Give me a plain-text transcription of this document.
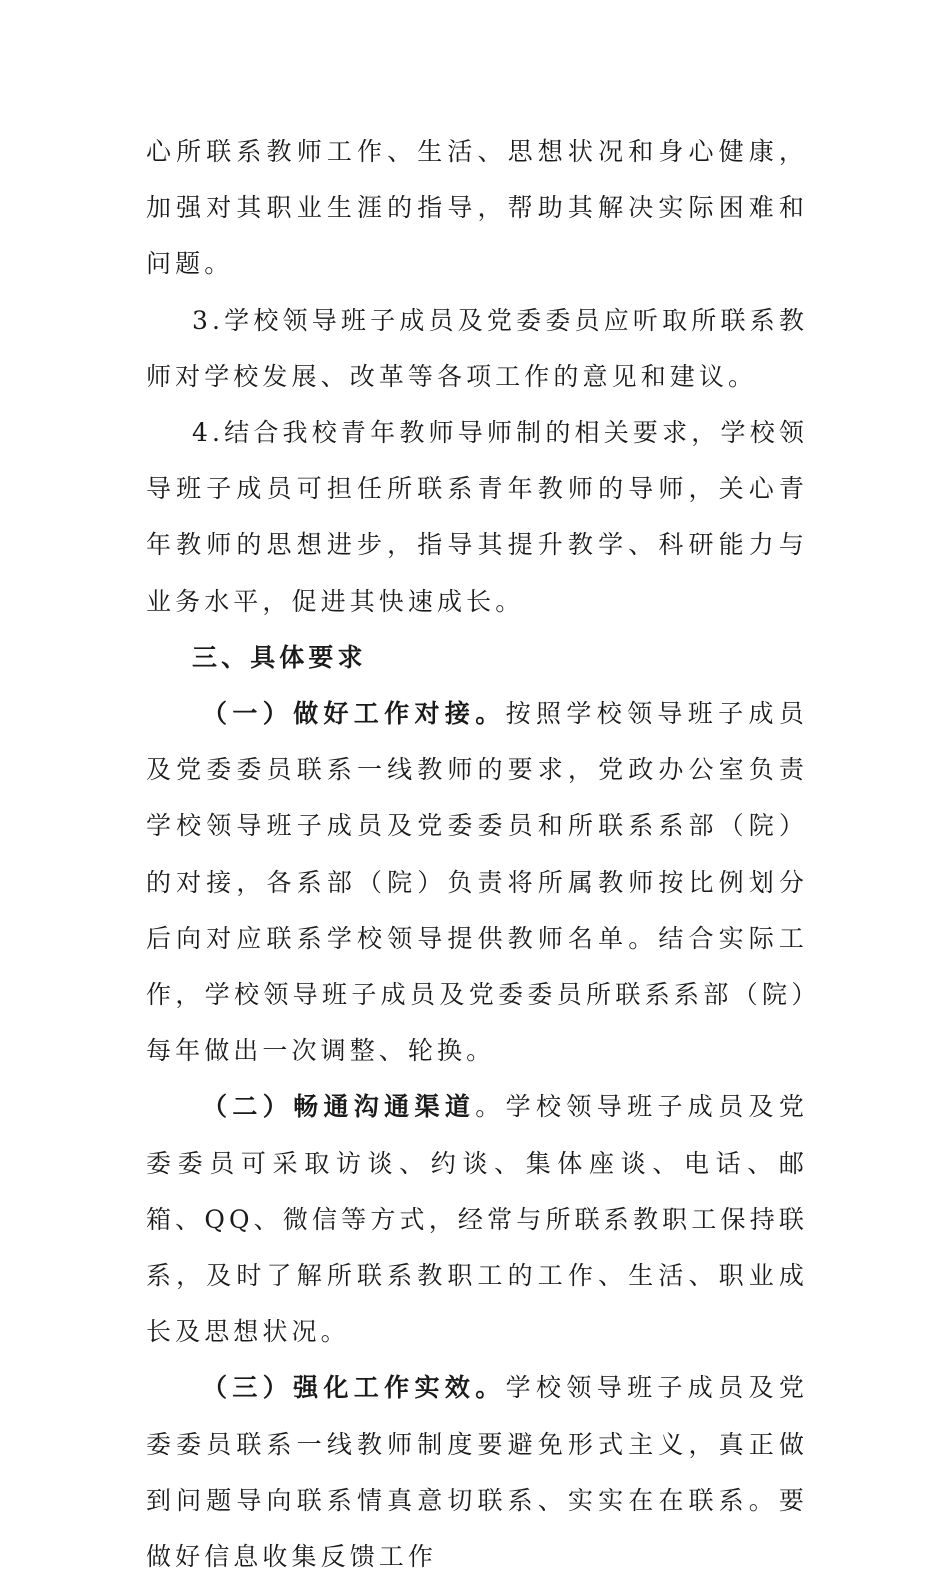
心所联系教师工作、生活、思想状况和身心健康，加强对其职业生涯的指导，帮助其解决实际困难和问题。

3.学校领导班子成员及党委委员应听取所联系教师对学校发展、改革等各项工作的意见和建议。

4.结合我校青年教师导师制的相关要求，学校领导班子成员可担任所联系青年教师的导师，关心青年教师的思想进步，指导其提升教学、科研能力与业务水平，促进其快速成长。

三、具体要求

（一）做好工作对接。按照学校领导班子成员及党委委员联系一线教师的要求，党政办公室负责学校领导班子成员及党委委员和所联系系部（院）的对接，各系部（院）负责将所属教师按比例划分后向对应联系学校领导提供教师名单。结合实际工作，学校领导班子成员及党委委员所联系系部（院）每年做出一次调整、轮换。

（二）畅通沟通渠道。学校领导班子成员及党委委员可采取访谈、约谈、集体座谈、电话、邮箱、QQ、微信等方式，经常与所联系教职工保持联系，及时了解所联系教职工的工作、生活、职业成长及思想状况。

（三）强化工作实效。学校领导班子成员及党委委员联系一线教师制度要避免形式主义，真正做到问题导向联系情真意切联系、实实在在联系。要做好信息收集反馈工作
